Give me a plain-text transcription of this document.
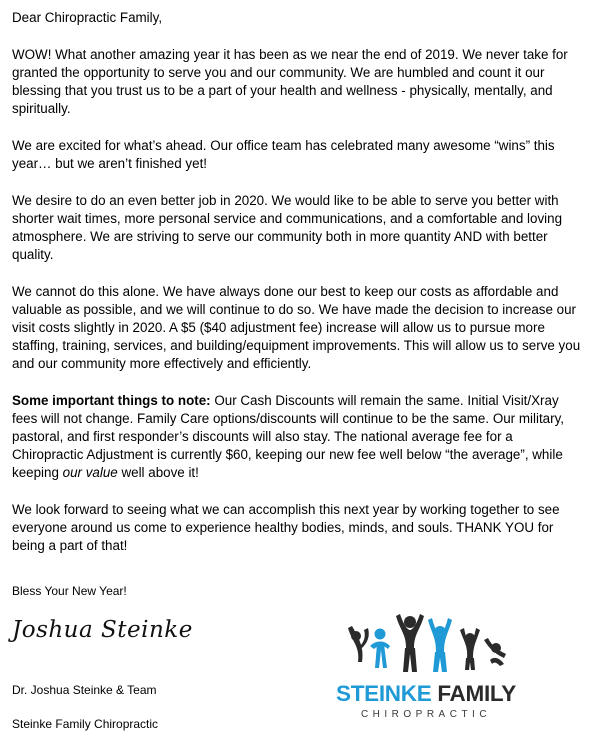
Dear Chiropractic Family,

WOW! What another amazing year it has been as we near the end of 2019. We never take for granted the opportunity to serve you and our community. We are humbled and count it our blessing that you trust us to be a part of your health and wellness - physically, mentally, and spiritually.

We are excited for what’s ahead. Our office team has celebrated many awesome “wins” this year… but we aren’t finished yet!

We desire to do an even better job in 2020. We would like to be able to serve you better with shorter wait times, more personal service and communications, and a comfortable and loving atmosphere. We are striving to serve our community both in more quantity AND with better quality.

We cannot do this alone. We have always done our best to keep our costs as affordable and valuable as possible, and we will continue to do so. We have made the decision to increase our visit costs slightly in 2020. A $5 ($40 adjustment fee) increase will allow us to pursue more staffing, training, services, and building/equipment improvements. This will allow us to serve you and our community more effectively and efficiently.

Some important things to note: Our Cash Discounts will remain the same. Initial Visit/Xray fees will not change. Family Care options/discounts will continue to be the same. Our military, pastoral, and first responder’s discounts will also stay. The national average fee for a Chiropractic Adjustment is currently $60, keeping our new fee well below “the average”, while keeping our value well above it!

We look forward to seeing what we can accomplish this next year by working together to see everyone around us come to experience healthy bodies, minds, and souls. THANK YOU for being a part of that!

Bless Your New Year!
Joshua Steinke
Dr. Joshua Steinke & Team
Steinke Family Chiropractic
STEINKE FAMILY
CHIROPRACTIC
